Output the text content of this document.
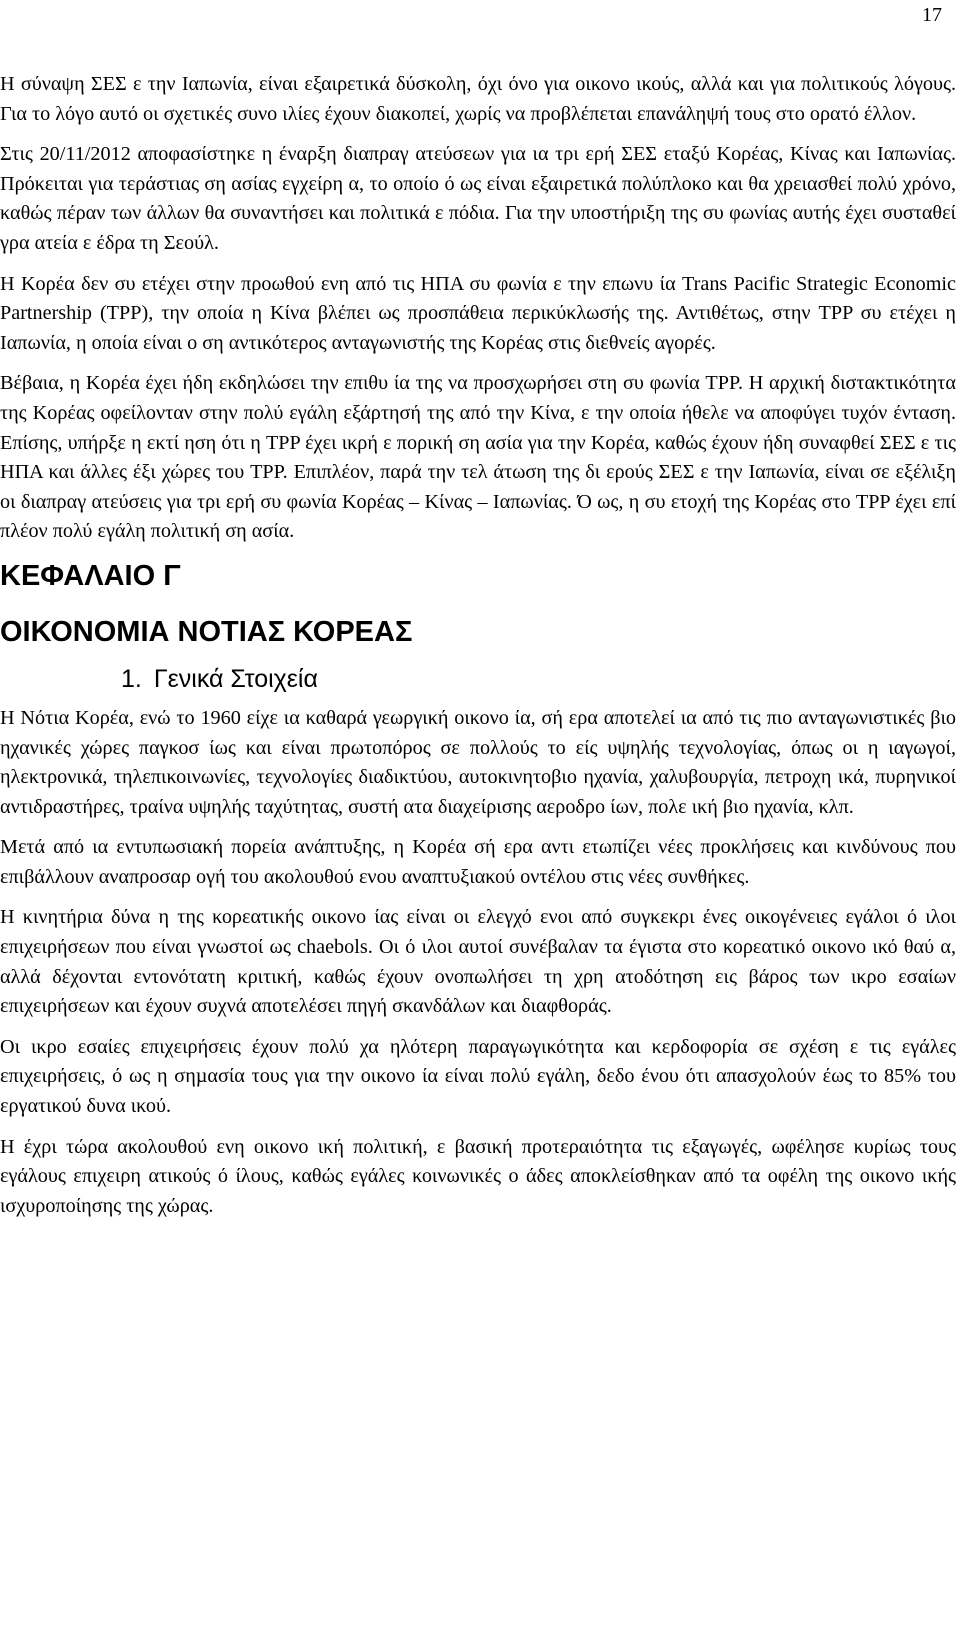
17

Η σύναψη ΣΕΣ ε την Ιαπωνία, είναι εξαιρετικά δύσκολη, όχι όνο για οικονο ικούς, αλλά και για πολιτικούς λόγους. Για το λόγο αυτό οι σχετικές συνο ιλίες έχουν διακοπεί, χωρίς να προβλέπεται επανάληψή τους στο ορατό έλλον.

Στις 20/11/2012 αποφασίστηκε η έναρξη διαπραγ ατεύσεων για ια τρι ερή ΣΕΣ εταξύ Κορέας, Κίνας και Ιαπωνίας. Πρόκειται για τεράστιας ση ασίας εγχείρη α, το οποίο ό ως είναι εξαιρετικά πολύπλοκο και θα χρειασθεί πολύ χρόνο, καθώς πέραν των άλλων θα συναντήσει και πολιτικά ε πόδια. Για την υποστήριξη της συ φωνίας αυτής έχει συσταθεί γρα ατεία ε έδρα τη Σεούλ.

Η Κορέα δεν συ ετέχει στην προωθού ενη από τις ΗΠΑ συ φωνία ε την επωνυ ία Trans Pacific Strategic Economic Partnership (TPP), την οποία η Κίνα βλέπει ως προσπάθεια περικύκλωσής της. Αντιθέτως, στην TPP συ ετέχει η Ιαπωνία, η οποία είναι ο ση αντικότερος ανταγωνιστής της Κορέας στις διεθνείς αγορές.

Βέβαια, η Κορέα έχει ήδη εκδηλώσει την επιθυ ία της να προσχωρήσει στη συ φωνία TPP. Η αρχική διστακτικότητα της Κορέας οφείλονταν στην πολύ εγάλη εξάρτησή της από την Κίνα, ε την οποία ήθελε να αποφύγει τυχόν ένταση. Επίσης, υπήρξε η εκτί ηση ότι η TPP έχει ικρή ε πορική ση ασία για την Κορέα, καθώς έχουν ήδη συναφθεί ΣΕΣ ε τις ΗΠΑ και άλλες έξι χώρες του TPP. Επιπλέον, παρά την τελ άτωση της δι ερούς ΣΕΣ ε την Ιαπωνία, είναι σε εξέλιξη οι διαπραγ ατεύσεις για τρι ερή συ φωνία Κορέας – Κίνας – Ιαπωνίας. Ό ως, η συ ετοχή της Κορέας στο TPP έχει επί πλέον πολύ εγάλη πολιτική ση ασία.

ΚΕΦΑΛΑΙΟ Γ
ΟΙΚΟΝΟΜΙΑ ΝΟΤΙΑΣ ΚΟΡΕΑΣ
1. Γενικά Στοιχεία

Η Νότια Κορέα, ενώ το 1960 είχε ια καθαρά γεωργική οικονο ία, σή ερα αποτελεί ια από τις πιο ανταγωνιστικές βιο ηχανικές χώρες παγκοσ ίως και είναι πρωτοπόρος σε πολλούς το είς υψηλής τεχνολογίας, όπως οι η ιαγωγοί, ηλεκτρονικά, τηλεπικοινωνίες, τεχνολογίες διαδικτύου, αυτοκινητοβιο ηχανία, χαλυβουργία, πετροχη ικά, πυρηνικοί αντιδραστήρες, τραίνα υψηλής ταχύτητας, συστή ατα διαχείρισης αεροδρο ίων, πολε ική βιο ηχανία, κλπ.

Μετά από ια εντυπωσιακή πορεία ανάπτυξης, η Κορέα σή ερα αντι ετωπίζει νέες προκλήσεις και κινδύνους που επιβάλλουν αναπροσαρ ογή του ακολουθού ενου αναπτυξιακού οντέλου στις νέες συνθήκες.

Η κινητήρια δύνα η της κορεατικής οικονο ίας είναι οι ελεγχό ενοι από συγκεκρι ένες οικογένειες εγάλοι ό ιλοι επιχειρήσεων που είναι γνωστοί ως chaebols. Οι ό ιλοι αυτοί συνέβαλαν τα έγιστα στο κορεατικό οικονο ικό θαύ α, αλλά δέχονται εντονότατη κριτική, καθώς έχουν ονοπωλήσει τη χρη ατοδότηση εις βάρος των ικρο εσαίων επιχειρήσεων και έχουν συχνά αποτελέσει πηγή σκανδάλων και διαφθοράς.

Οι ικρο εσαίες επιχειρήσεις έχουν πολύ χα ηλότερη παραγωγικότητα και κερδοφορία σε σχέση ε τις εγάλες επιχειρήσεις, ό ως η σηµασία τους για την οικονο ία είναι πολύ εγάλη, δεδο ένου ότι απασχολούν έως το 85% του εργατικού δυνα ικού.

Η έχρι τώρα ακολουθού ενη οικονο ική πολιτική, ε βασική προτεραιότητα τις εξαγωγές, ωφέλησε κυρίως τους εγάλους επιχειρη ατικούς ό ίλους, καθώς εγάλες κοινωνικές ο άδες αποκλείσθηκαν από τα οφέλη της οικονο ικής ισχυροποίησης της χώρας.
